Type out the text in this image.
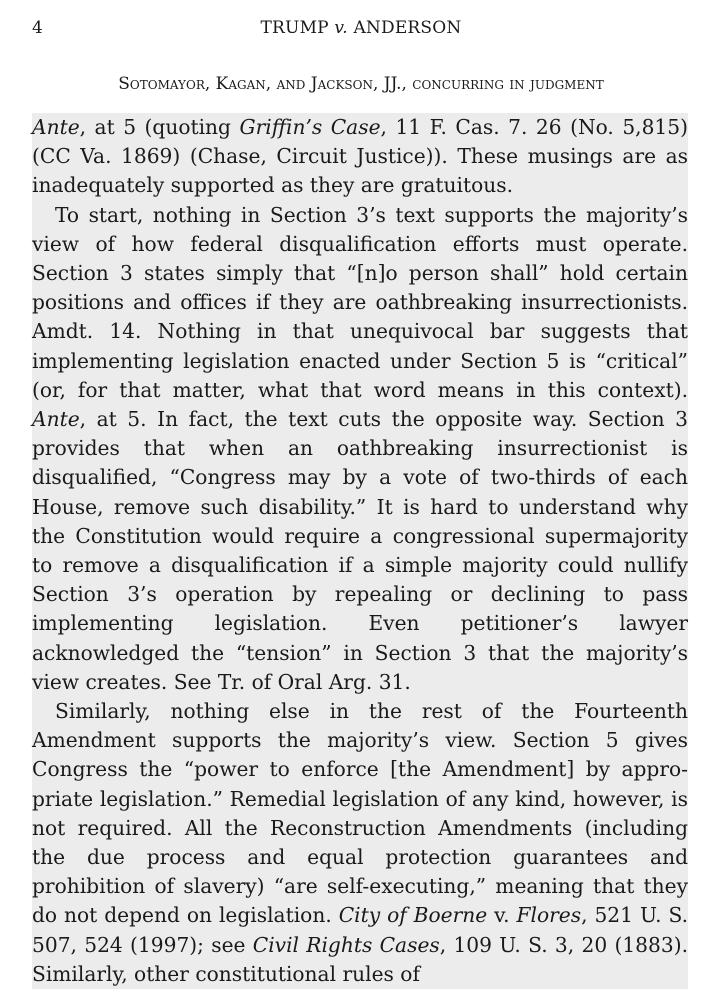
4	TRUMP v. ANDERSON
Sotomayor, Kagan, and Jackson, JJ., concurring in judgment

Ante, at 5 (quoting Griffin’s Case, 11 F. Cas. 7. 26 (No. 5,815) (CC Va. 1869) (Chase, Circuit Justice)). These musings are as inadequately supported as they are gratuitous.

To start, nothing in Section 3’s text supports the majority’s view of how federal disqualification efforts must operate. Section 3 states simply that “[n]o person shall” hold certain positions and offices if they are oathbreaking insurrectionists. Amdt. 14. Nothing in that unequivocal bar suggests that implementing legislation enacted under Section 5 is “critical” (or, for that matter, what that word means in this context). Ante, at 5. In fact, the text cuts the opposite way. Section 3 provides that when an oathbreaking insurrectionist is disqualified, “Congress may by a vote of two-thirds of each House, remove such disability.” It is hard to understand why the Constitution would require a congressional supermajority to remove a disqualification if a simple majority could nullify Section 3’s operation by repealing or declining to pass implementing legislation. Even petitioner’s lawyer acknowledged the “tension” in Section 3 that the majority’s view creates. See Tr. of Oral Arg. 31.

Similarly, nothing else in the rest of the Fourteenth Amendment supports the majority’s view. Section 5 gives Congress the “power to enforce [the Amendment] by appropriate legislation.” Remedial legislation of any kind, however, is not required. All the Reconstruction Amendments (including the due process and equal protection guarantees and prohibition of slavery) “are self-executing,” meaning that they do not depend on legislation. City of Boerne v. Flores, 521 U. S. 507, 524 (1997); see Civil Rights Cases, 109 U. S. 3, 20 (1883). Similarly, other constitutional rules of
